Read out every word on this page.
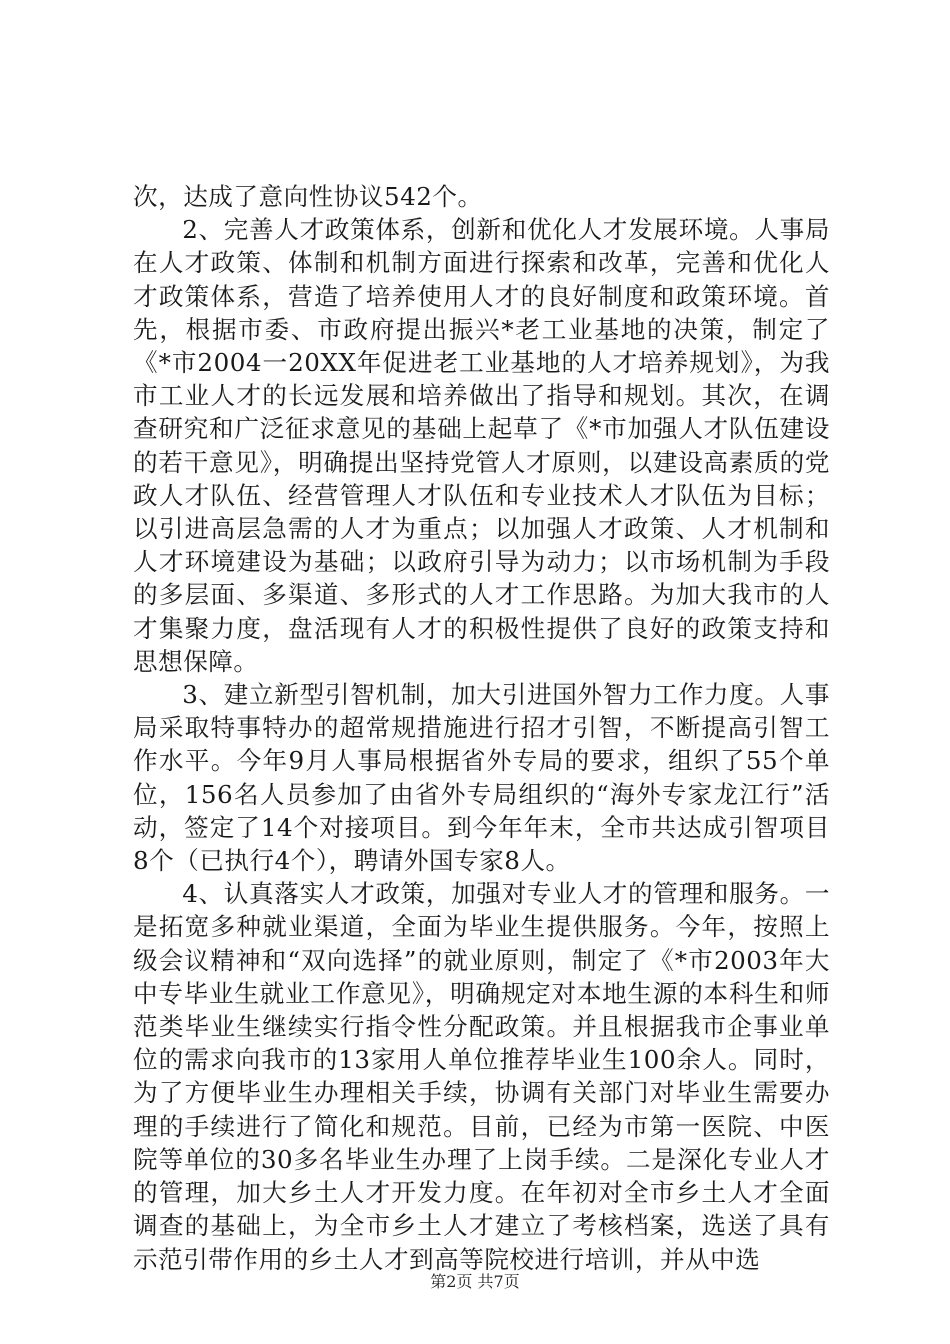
次，达成了意向性协议542个。

2、完善人才政策体系，创新和优化人才发展环境。人事局在人才政策、体制和机制方面进行探索和改革，完善和优化人才政策体系，营造了培养使用人才的良好制度和政策环境。首先，根据市委、市政府提出振兴*老工业基地的决策，制定了《*市2004一20XX年促进老工业基地的人才培养规划》，为我市工业人才的长远发展和培养做出了指导和规划。其次，在调查研究和广泛征求意见的基础上起草了《*市加强人才队伍建设的若干意见》，明确提出坚持党管人才原则，以建设高素质的党政人才队伍、经营管理人才队伍和专业技术人才队伍为目标；以引进高层急需的人才为重点；以加强人才政策、人才机制和人才环境建设为基础；以政府引导为动力；以市场机制为手段的多层面、多渠道、多形式的人才工作思路。为加大我市的人才集聚力度，盘活现有人才的积极性提供了良好的政策支持和思想保障。

3、建立新型引智机制，加大引进国外智力工作力度。人事局采取特事特办的超常规措施进行招才引智，不断提高引智工作水平。今年9月人事局根据省外专局的要求，组织了55个单位，156名人员参加了由省外专局组织的“海外专家龙江行”活动，签定了14个对接项目。到今年年末，全市共达成引智项目8个（已执行4个），聘请外国专家8人。

4、认真落实人才政策，加强对专业人才的管理和服务。一是拓宽多种就业渠道，全面为毕业生提供服务。今年，按照上级会议精神和“双向选择”的就业原则，制定了《*市2003年大中专毕业生就业工作意见》，明确规定对本地生源的本科生和师范类毕业生继续实行指令性分配政策。并且根据我市企事业单位的需求向我市的13家用人单位推荐毕业生100余人。同时，为了方便毕业生办理相关手续，协调有关部门对毕业生需要办理的手续进行了简化和规范。目前，已经为市第一医院、中医院等单位的30多名毕业生办理了上岗手续。二是深化专业人才的管理，加大乡土人才开发力度。在年初对全市乡土人才全面调查的基础上，为全市乡土人才建立了考核档案，选送了具有示范引带作用的乡土人才到高等院校进行培训，并从中选

第2页 共7页
